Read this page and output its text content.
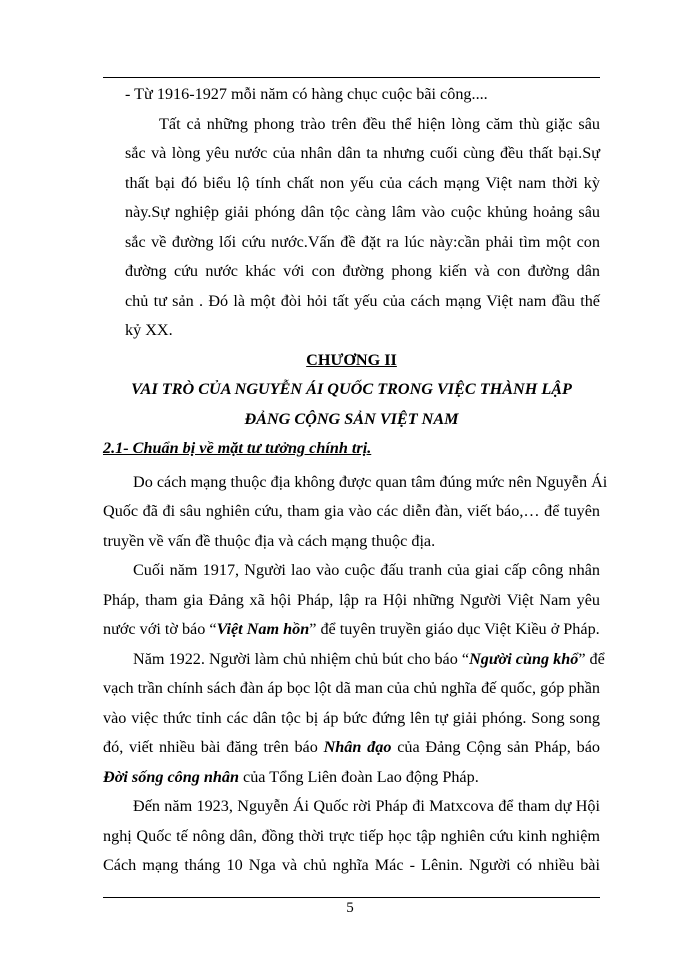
- Từ 1916-1927 mỗi năm có hàng chục cuộc bãi công....
Tất cả những phong trào trên đều thể hiện lòng căm thù giặc sâu
sắc và lòng yêu nước của nhân dân ta nhưng cuối cùng đều thất bại.Sự
thất bại đó biểu lộ tính chất non yếu của cách mạng Việt nam thời kỳ
này.Sự nghiệp giải phóng dân tộc càng lâm vào cuộc khủng hoảng sâu
sắc về đường lối cứu nước.Vấn đề đặt ra lúc này:cần phải tìm một con
đường cứu nước khác với con đường phong kiến và con đường dân
chủ tư sản . Đó là một đòi hỏi tất yếu của cách mạng Việt nam đầu thế
kỷ XX.
CHƯƠNG II
VAI TRÒ CỦA NGUYỄN ÁI QUỐC TRONG VIỆC THÀNH LẬP
ĐẢNG CỘNG SẢN VIỆT NAM
2.1- Chuẩn bị về mặt tư tưởng chính trị.
Do cách mạng thuộc địa không được quan tâm đúng mức nên Nguyễn Ái
Quốc đã đi sâu nghiên cứu, tham gia vào các diễn đàn, viết báo,… để tuyên
truyền về vấn đề thuộc địa và cách mạng thuộc địa.
Cuối năm 1917, Người lao vào cuộc đấu tranh của giai cấp công nhân
Pháp, tham gia Đảng xã hội Pháp, lập ra Hội những Người Việt Nam yêu
nước với tờ báo “Việt Nam hồn” để tuyên truyền giáo dục Việt Kiều ở Pháp.
Năm 1922. Người làm chủ nhiệm chủ bút cho báo “Người cùng khổ” để
vạch trần chính sách đàn áp bọc lột dã man của chủ nghĩa đế quốc, góp phần
vào việc thức tỉnh các dân tộc bị áp bức đứng lên tự giải phóng. Song song
đó, viết nhiều bài đăng trên báo Nhân đạo của Đảng Cộng sản Pháp, báo
Đời sống công nhân của Tổng Liên đoàn Lao động Pháp.
Đến năm 1923, Nguyễn Ái Quốc rời Pháp đi Matxcova để tham dự Hội
nghị Quốc tế nông dân, đồng thời trực tiếp học tập nghiên cứu kinh nghiệm
Cách mạng tháng 10 Nga và chủ nghĩa Mác - Lênin. Người có nhiều bài
5
